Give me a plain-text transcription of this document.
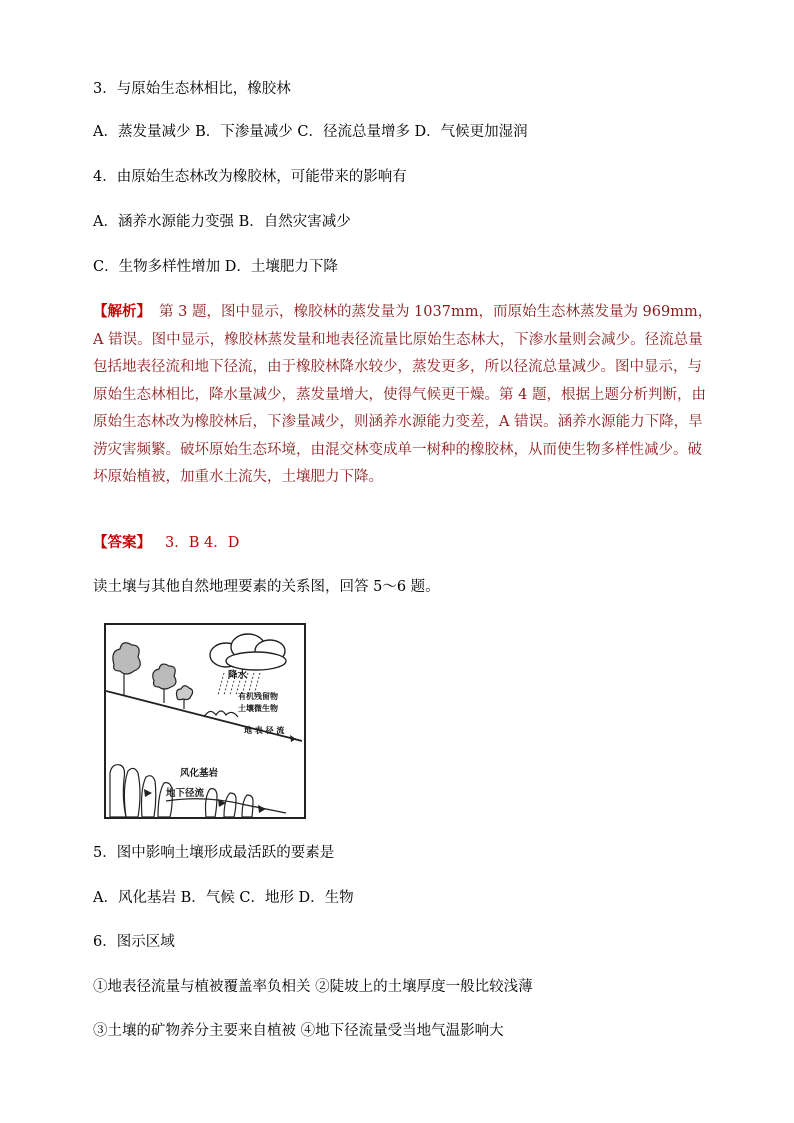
3．与原始生态林相比，橡胶林
A．蒸发量减少 B．下渗量减少 C．径流总量增多 D．气候更加湿润
4．由原始生态林改为橡胶林，可能带来的影响有
A．涵养水源能力变强 B．自然灾害减少
C．生物多样性增加 D．土壤肥力下降
【解析】 第 3 题，图中显示，橡胶林的蒸发量为 1037mm，而原始生态林蒸发量为 969mm，A 错误。图中显示，橡胶林蒸发量和地表径流量比原始生态林大，下渗水量则会减少。径流总量包括地表径流和地下径流，由于橡胶林降水较少，蒸发更多，所以径流总量减少。图中显示，与原始生态林相比，降水量减少，蒸发量增大，使得气候更干燥。第 4 题，根据上题分析判断，由原始生态林改为橡胶林后，下渗量减少，则涵养水源能力变差，A 错误。涵养水源能力下降，旱涝灾害频繁。破坏原始生态环境，由混交林变成单一树种的橡胶林，从而使生物多样性减少。破坏原始植被，加重水土流失，土壤肥力下降。
【答案】 3．B 4．D
读土壤与其他自然地理要素的关系图，回答 5～6 题。
降水
有机残留物
土壤微生物
地 表 径 流
风化基岩
地下径流
5．图中影响土壤形成最活跃的要素是
A．风化基岩 B．气候 C．地形 D．生物
6．图示区域
①地表径流量与植被覆盖率负相关 ②陡坡上的土壤厚度一般比较浅薄
③土壤的矿物养分主要来自植被 ④地下径流量受当地气温影响大
